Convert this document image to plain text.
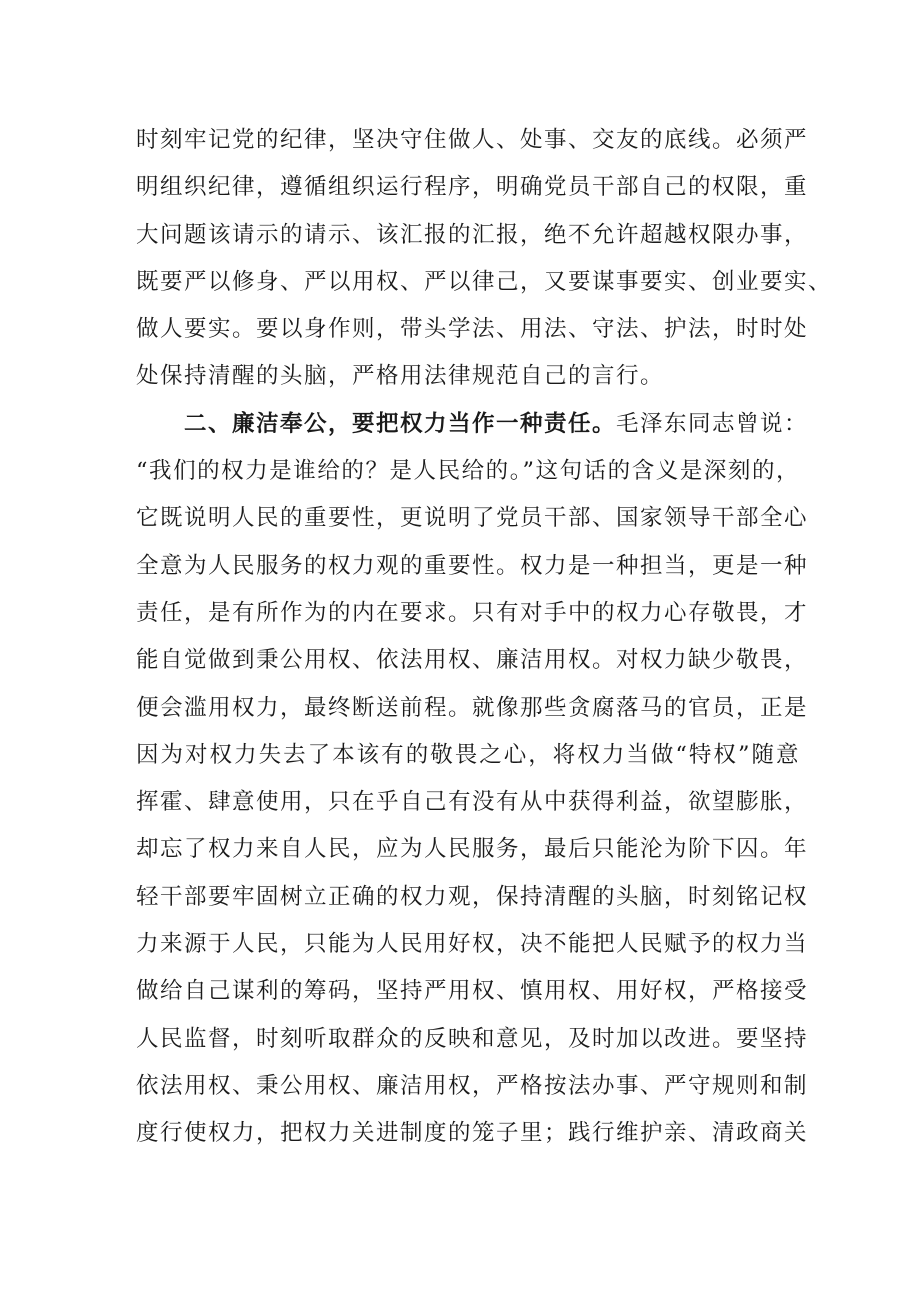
时刻牢记党的纪律，坚决守住做人、处事、交友的底线。必须严
明组织纪律，遵循组织运行程序，明确党员干部自己的权限，重
大问题该请示的请示、该汇报的汇报，绝不允许超越权限办事，
既要严以修身、严以用权、严以律己，又要谋事要实、创业要实、
做人要实。要以身作则，带头学法、用法、守法、护法，时时处
处保持清醒的头脑，严格用法律规范自己的言行。
二、廉洁奉公，要把权力当作一种责任。毛泽东同志曾说：
“我们的权力是谁给的？是人民给的。”这句话的含义是深刻的，
它既说明人民的重要性，更说明了党员干部、国家领导干部全心
全意为人民服务的权力观的重要性。权力是一种担当，更是一种
责任，是有所作为的内在要求。只有对手中的权力心存敬畏，才
能自觉做到秉公用权、依法用权、廉洁用权。对权力缺少敬畏，
便会滥用权力，最终断送前程。就像那些贪腐落马的官员，正是
因为对权力失去了本该有的敬畏之心，将权力当做“特权”随意
挥霍、肆意使用，只在乎自己有没有从中获得利益，欲望膨胀，
却忘了权力来自人民，应为人民服务，最后只能沦为阶下囚。年
轻干部要牢固树立正确的权力观，保持清醒的头脑，时刻铭记权
力来源于人民，只能为人民用好权，决不能把人民赋予的权力当
做给自己谋利的筹码，坚持严用权、慎用权、用好权，严格接受
人民监督，时刻听取群众的反映和意见，及时加以改进。要坚持
依法用权、秉公用权、廉洁用权，严格按法办事、严守规则和制
度行使权力，把权力关进制度的笼子里；践行维护亲、清政商关
